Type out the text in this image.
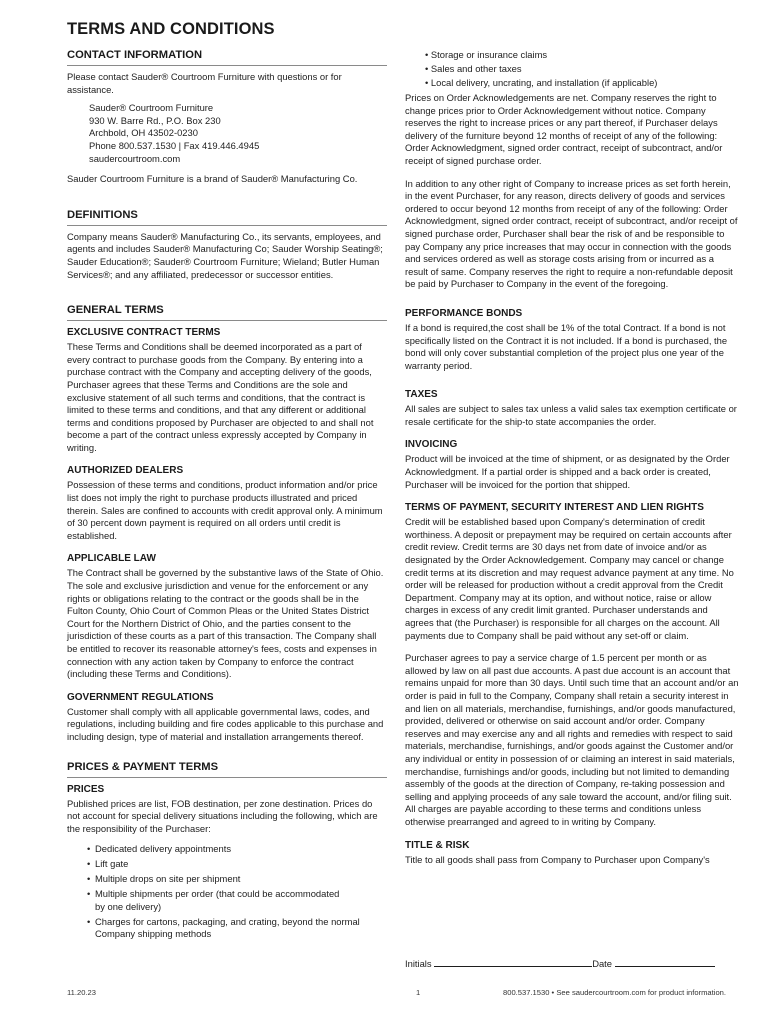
TERMS AND CONDITIONS
CONTACT INFORMATION

Please contact Sauder® Courtroom Furniture with questions or for assistance.

Sauder® Courtroom Furniture
930 W. Barre Rd., P.O. Box 230
Archbold, OH 43502-0230
Phone 800.537.1530 | Fax 419.446.4945
saudercourtroom.com

Sauder Courtroom Furniture is a brand of Sauder® Manufacturing Co.

DEFINITIONS

Company means Sauder® Manufacturing Co., its servants, employees, and agents and includes Sauder® Manufacturing Co; Sauder Worship Seating®; Sauder Education®; Sauder® Courtroom Furniture; Wieland; Butler Human Services®; and any affiliated, predecessor or successor entities.

GENERAL TERMS
EXCLUSIVE CONTRACT TERMS

These Terms and Conditions shall be deemed incorporated as a part of every contract to purchase goods from the Company. By entering into a purchase contract with the Company and accepting delivery of the goods, Purchaser agrees that these Terms and Conditions are the sole and exclusive statement of all such terms and conditions, that the contract is limited to these terms and conditions, and that any different or additional terms and conditions proposed by Purchaser are objected to and shall not become a part of the contract unless expressly accepted by Company in writing.

AUTHORIZED DEALERS

Possession of these terms and conditions, product information and/or price list does not imply the right to purchase products illustrated and priced therein. Sales are confined to accounts with credit approval only. A minimum of 30 percent down payment is required on all orders until credit is established.

APPLICABLE LAW

The Contract shall be governed by the substantive laws of the State of Ohio. The sole and exclusive jurisdiction and venue for the enforcement or any rights or obligations relating to the contract or the goods shall be in the Fulton County, Ohio Court of Common Pleas or the United States District Court for the Northern District of Ohio, and the parties consent to the jurisdiction of these courts as a part of this transaction. The Company shall be entitled to recover its reasonable attorney's fees, costs and expenses in connection with any action taken by Company to enforce the contract (including these Terms and Conditions).

GOVERNMENT REGULATIONS

Customer shall comply with all applicable governmental laws, codes, and regulations, including building and fire codes applicable to this purchase and including design, type of material and installation arrangements thereof.

PRICES & PAYMENT TERMS
PRICES

Published prices are list, FOB destination, per zone destination. Prices do not account for special delivery situations including the following, which are the responsibility of the Purchaser:

• Dedicated delivery appointments
• Lift gate
• Multiple drops on site per shipment
• Multiple shipments per order (that could be accommodated
by one delivery)
• Charges for cartons, packaging, and crating, beyond the normal
Company shipping methods
• Storage or insurance claims
• Sales and other taxes
• Local delivery, uncrating, and installation (if applicable)

Prices on Order Acknowledgements are net. Company reserves the right to change prices prior to Order Acknowledgement without notice. Company reserves the right to increase prices or any part thereof, if Purchaser delays delivery of the furniture beyond 12 months of receipt of any of the following: Order Acknowledgment, signed order contract, receipt of subcontract, and/or receipt of signed purchase order.

In addition to any other right of Company to increase prices as set forth herein, in the event Purchaser, for any reason, directs delivery of goods and services ordered to occur beyond 12 months from receipt of any of the following: Order Acknowledgment, signed order contract, receipt of subcontract, and/or receipt of signed purchase order, Purchaser shall bear the risk of and be responsible to pay Company any price increases that may occur in connection with the goods and services ordered as well as storage costs arising from or incurred as a result of same. Company reserves the right to require a non-refundable deposit be paid by Purchaser to Company in the event of the foregoing.

PERFORMANCE BONDS

If a bond is required,the cost shall be 1% of the total Contract. If a bond is not specifically listed on the Contract it is not included. If a bond is purchased, the bond will only cover substantial completion of the project plus one year of the warranty period.

TAXES

All sales are subject to sales tax unless a valid sales tax exemption certificate or resale certificate for the ship-to state accompanies the order.

INVOICING

Product will be invoiced at the time of shipment, or as designated by the Order Acknowledgment. If a partial order is shipped and a back order is created, Purchaser will be invoiced for the portion that shipped.

TERMS OF PAYMENT, SECURITY INTEREST AND LIEN RIGHTS

Credit will be established based upon Company's determination of credit worthiness. A deposit or prepayment may be required on certain accounts after credit review. Credit terms are 30 days net from date of invoice and/or as designated by the Order Acknowledgement. Company may cancel or change credit terms at its discretion and may request advance payment at any time. No order will be released for production without a credit approval from the Credit Department. Company may at its option, and without notice, raise or allow charges in excess of any credit limit granted. Purchaser understands and agrees that (the Purchaser) is responsible for all charges on the account. All payments due to Company shall be paid without any set-off or claim.

Purchaser agrees to pay a service charge of 1.5 percent per month or as allowed by law on all past due accounts. A past due account is an account that remains unpaid for more than 30 days. Until such time that an account and/or an order is paid in full to the Company, Company shall retain a security interest in and lien on all materials, merchandise, furnishings, and/or goods manufactured, provided, delivered or otherwise on said account and/or order. Company reserves and may exercise any and all rights and remedies with respect to said materials, merchandise, furnishings, and/or goods against the Customer and/or any individual or entity in possession of or claiming an interest in said materials, merchandise, furnishings and/or goods, including but not limited to demanding assembly of the goods at the direction of Company, re-taking possession and selling and applying proceeds of any sale toward the account, and/or filing suit. All charges are payable according to these terms and conditions unless otherwise prearranged and agreed to in writing by Company.

TITLE & RISK

Title to all goods shall pass from Company to Purchaser upon Company's

Initials	Date
11.20.23	1	800.537.1530 • See saudercourtroom.com for product information.
